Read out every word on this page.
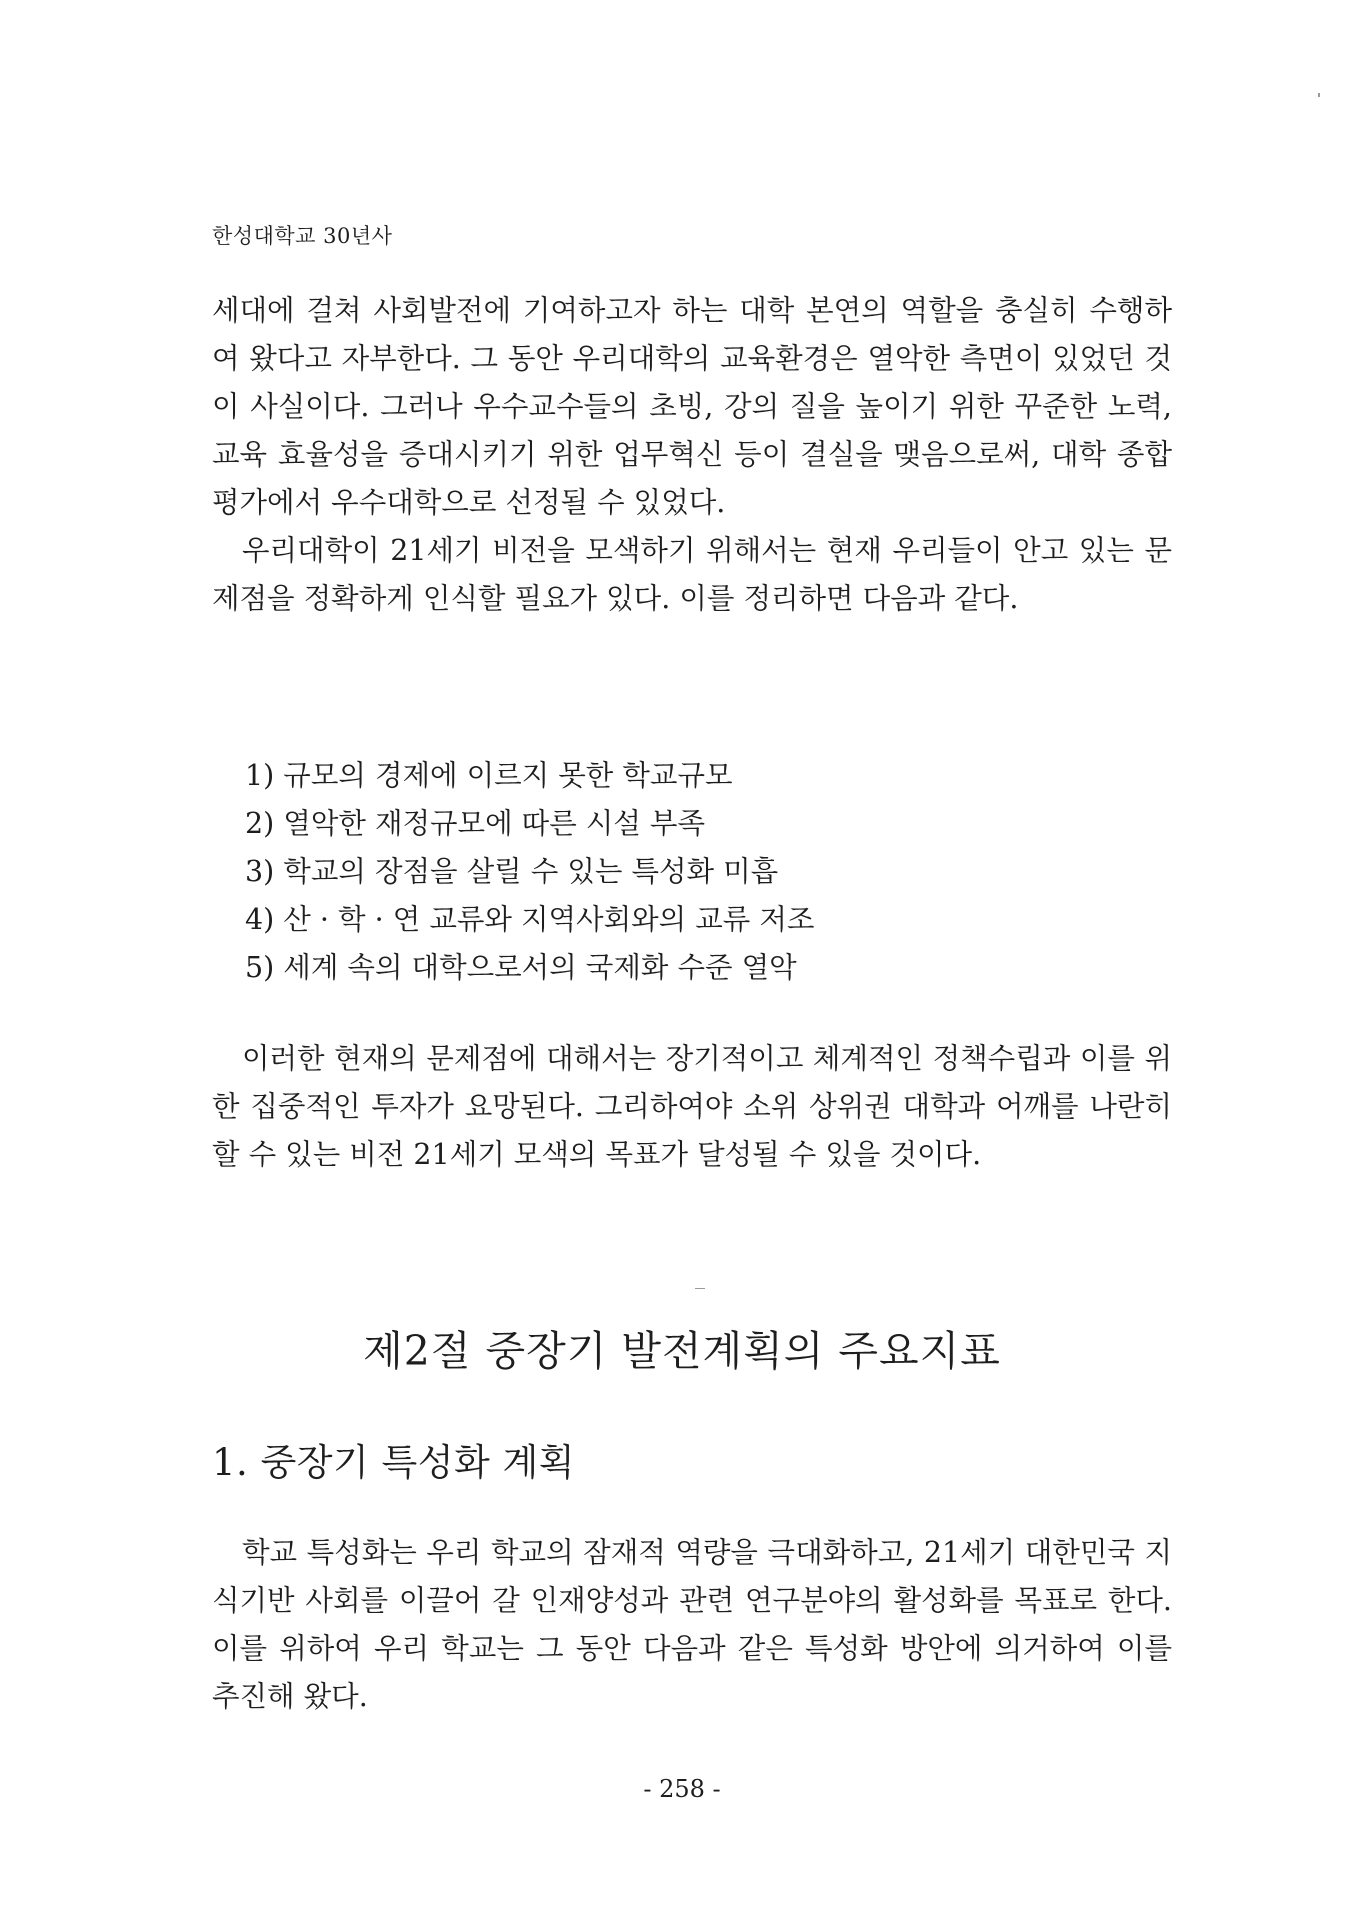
한성대학교 30년사

세대에 걸쳐 사회발전에 기여하고자 하는 대학 본연의 역할을 충실히 수행하여 왔다고 자부한다. 그 동안 우리대학의 교육환경은 열악한 측면이 있었던 것이 사실이다. 그러나 우수교수들의 초빙, 강의 질을 높이기 위한 꾸준한 노력, 교육 효율성을 증대시키기 위한 업무혁신 등이 결실을 맺음으로써, 대학 종합평가에서 우수대학으로 선정될 수 있었다.

우리대학이 21세기 비전을 모색하기 위해서는 현재 우리들이 안고 있는 문제점을 정확하게 인식할 필요가 있다. 이를 정리하면 다음과 같다.

1) 규모의 경제에 이르지 못한 학교규모
2) 열악한 재정규모에 따른 시설 부족
3) 학교의 장점을 살릴 수 있는 특성화 미흡
4) 산 · 학 · 연 교류와 지역사회와의 교류 저조
5) 세계 속의 대학으로서의 국제화 수준 열악

이러한 현재의 문제점에 대해서는 장기적이고 체계적인 정책수립과 이를 위한 집중적인 투자가 요망된다. 그리하여야 소위 상위권 대학과 어깨를 나란히 할 수 있는 비전 21세기 모색의 목표가 달성될 수 있을 것이다.

제2절 중장기 발전계획의 주요지표
1. 중장기 특성화 계획

학교 특성화는 우리 학교의 잠재적 역량을 극대화하고, 21세기 대한민국 지식기반 사회를 이끌어 갈 인재양성과 관련 연구분야의 활성화를 목표로 한다. 이를 위하여 우리 학교는 그 동안 다음과 같은 특성화 방안에 의거하여 이를 추진해 왔다.

- 258 -
